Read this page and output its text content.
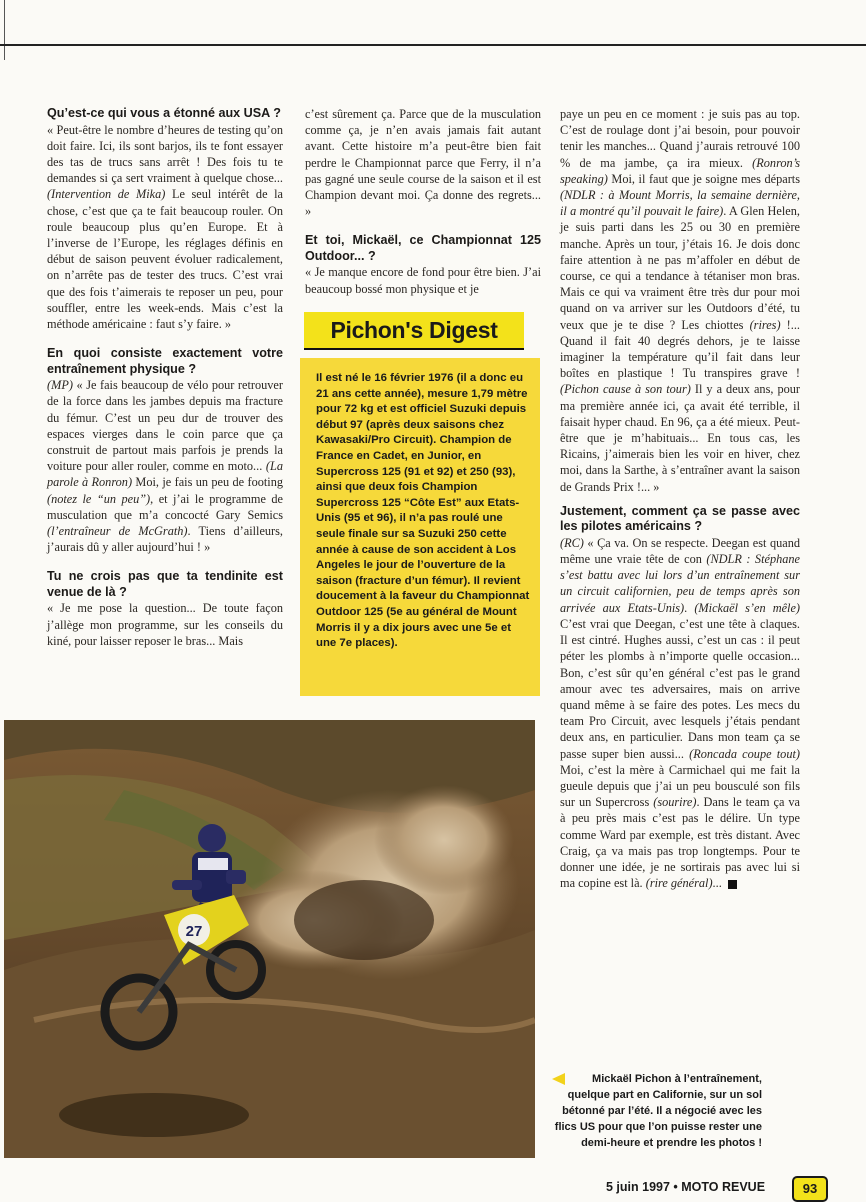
Qu’est-ce qui vous a étonné aux USA ?

« Peut-être le nombre d’heures de testing qu’on doit faire. Ici, ils sont barjos, ils te font essayer des tas de trucs sans arrêt ! Des fois tu te demandes si ça sert vraiment à quelque chose... (Intervention de Mika) Le seul intérêt de la chose, c’est que ça te fait beaucoup rouler. On roule beaucoup plus qu’en Europe. Et à l’inverse de l’Europe, les réglages définis en début de saison peuvent évoluer radicalement, on n’arrête pas de tester des trucs. C’est vrai que des fois t’aimerais te reposer un peu, pour souffler, entre les week-ends. Mais c’est la méthode américaine : faut s’y faire. »

En quoi consiste exactement votre entraînement physique ?

(MP) « Je fais beaucoup de vélo pour retrouver de la force dans les jambes depuis ma fracture du fémur. C’est un peu dur de trouver des espaces vierges dans le coin parce que ça construit de partout mais parfois je prends la voiture pour aller rouler, comme en moto... (La parole à Ronron) Moi, je fais un peu de footing (notez le “un peu”), et j’ai le programme de musculation que m’a concocté Gary Semics (l’entraîneur de McGrath). Tiens d’ailleurs, j’aurais dû y aller aujourd’hui ! »

Tu ne crois pas que ta tendinite est venue de là ?

« Je me pose la question... De toute façon j’allège mon programme, sur les conseils du kiné, pour laisser reposer le bras... Mais

c’est sûrement ça. Parce que de la musculation comme ça, je n’en avais jamais fait autant avant. Cette histoire m’a peut-être bien fait perdre le Championnat parce que Ferry, il n’a pas gagné une seule course de la saison et il est Champion devant moi. Ça donne des regrets... »

Et toi, Mickaël, ce Championnat 125 Outdoor... ?

« Je manque encore de fond pour être bien. J’ai beaucoup bossé mon physique et je

Pichon's Digest

Il est né le 16 février 1976 (il a donc eu 21 ans cette année), mesure 1,79 mètre pour 72 kg et est officiel Suzuki depuis début 97 (après deux saisons chez Kawasaki/Pro Circuit). Champion de France en Cadet, en Junior, en Supercross 125 (91 et 92) et 250 (93), ainsi que deux fois Champion Supercross 125 “Côte Est” aux Etats-Unis (95 et 96), il n’a pas roulé une seule finale sur sa Suzuki 250 cette année à cause de son accident à Los Angeles le jour de l’ouverture de la saison (fracture d’un fémur). Il revient doucement à la faveur du Championnat Outdoor 125 (5e au général de Mount Morris il y a dix jours avec une 5e et une 7e places).

paye un peu en ce moment : je suis pas au top. C’est de roulage dont j’ai besoin, pour pouvoir tenir les manches... Quand j’aurais retrouvé 100 % de ma jambe, ça ira mieux. (Ronron’s speaking) Moi, il faut que je soigne mes départs (NDLR : à Mount Morris, la semaine dernière, il a montré qu’il pouvait le faire). A Glen Helen, je suis parti dans les 25 ou 30 en première manche. Après un tour, j’étais 16. Je dois donc faire attention à ne pas m’affoler en début de course, ce qui a tendance à tétaniser mon bras. Mais ce qui va vraiment être très dur pour moi quand on va arriver sur les Outdoors d’été, tu veux que je te dise ? Les chiottes (rires) !... Quand il fait 40 degrés dehors, je te laisse imaginer la température qu’il fait dans leur boîtes en plastique ! Tu transpires grave ! (Pichon cause à son tour) Il y a deux ans, pour ma première année ici, ça avait été terrible, il faisait hyper chaud. En 96, ça a été mieux. Peut-être que je m’habituais... En tous cas, les Ricains, j’aimerais bien les voir en hiver, chez moi, dans la Sarthe, à s’entraîner avant la saison de Grands Prix !... »

Justement, comment ça se passe avec les pilotes américains ?

(RC) « Ça va. On se respecte. Deegan est quand même une vraie tête de con (NDLR : Stéphane s’est battu avec lui lors d’un entraînement sur un circuit californien, peu de temps après son arrivée aux Etats-Unis). (Mickaël s’en mêle) C’est vrai que Deegan, c’est une tête à claques. Il est cintré. Hughes aussi, c’est un cas : il peut péter les plombs à n’importe quelle occasion... Bon, c’est sûr qu’en général c’est pas le grand amour avec tes adversaires, mais on arrive quand même à se faire des potes. Les mecs du team Pro Circuit, avec lesquels j’étais pendant deux ans, en particulier. Dans mon team ça se passe super bien aussi... (Roncada coupe tout) Moi, c’est la mère à Carmichael qui me fait la gueule depuis que j’ai un peu bousculé son fils sur un Supercross (sourire). Dans le team ça va à peu près mais c’est pas le délire. Un type comme Ward par exemple, est très distant. Avec Craig, ça va mais pas trop longtemps. Pour te donner une idée, je ne sortirais pas avec lui si ma copine est là. (rire général)...

27

Mickaël Pichon à l’entraînement, quelque part en Californie, sur un sol bétonné par l’été. Il a négocié avec les flics US pour que l’on puisse rester une demi-heure et prendre les photos !

5 juin 1997 • MOTO REVUE	93
